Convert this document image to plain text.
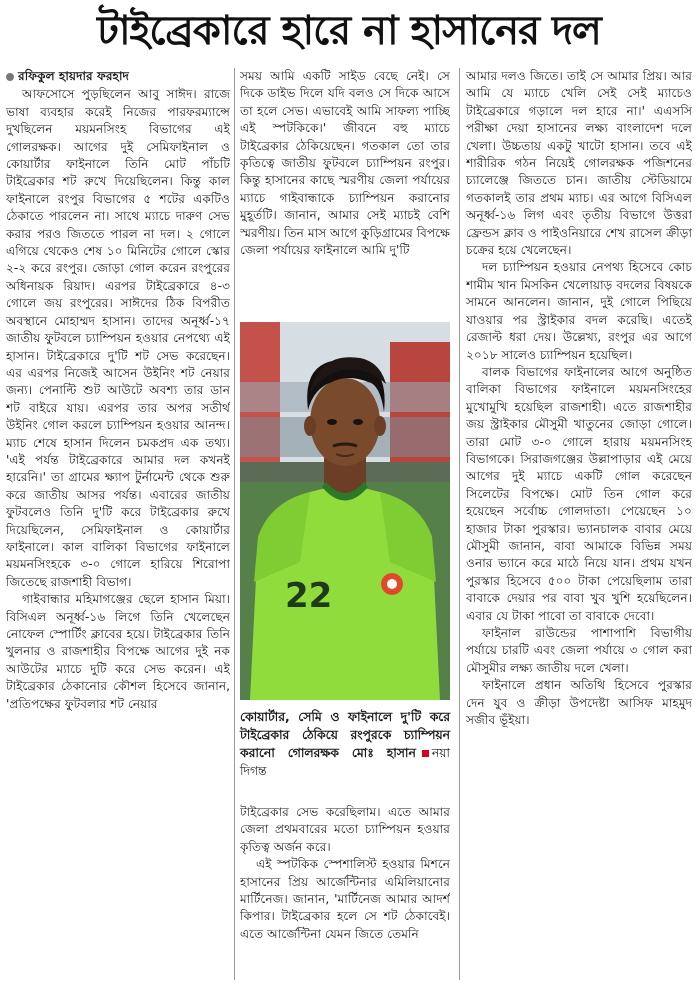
টাইব্রেকারে হারে না হাসানের দল

রফিকুল হায়দার ফরহাদ

আফসোসে পুড়ছিলেন আবু সাঈদ। রাজে ভাষা ব্যবহার করেই নিজের পারফরম্যান্সে দুখছিলেন ময়মনসিংহ বিভাগের এই গোলরক্ষক। আগের দুই সেমিফাইনাল ও কোয়ার্টার ফাইনালে তিনি মোট পাঁচটি টাইব্রেকার শট রুখে দিয়েছিলেন। কিন্তু কাল ফাইনালে রংপুর বিভাগের ৫ শটের একটিও ঠেকাতে পারলেন না। সাথে ম্যাচে দারুণ সেভ করার পরও জিততে পারল না দল। ২ গোলে এগিয়ে থেকেও শেষ ১০ মিনিটের গোলে স্কোর ২-২ করে রংপুর। জোড়া গোল করেন রংপুরের অধিনায়ক রিয়াদ। এরপর টাইব্রেকারে ৪-৩ গোলে জয় রংপুরের। সাঈদের ঠিক বিপরীত অবস্থানে মোহাম্মদ হাসান। তাদের অনূর্ধ্ব-১৭ জাতীয় ফুটবলে চ্যাম্পিয়ন হওয়ার নেপথ্যে এই হাসান। টাইব্রেকারে দু'টি শট সেভ করেছেন। এর এরপর নিজেই আসেন উইনিং শট নেয়ার জন্য। পেনাল্টি শুট আউটে অবশ্য তার ডান শট বাইরে যায়। এরপর তার অপর সতীর্থ উইনিং গোল করলে চ্যাম্পিয়ন হওয়ার আনন্দ। ম্যাচ শেষে হাসান দিলেন চমকপ্রদ এক তথ্য। 'এই পর্যন্ত টাইব্রেকারে আমার দল কখনই হারেনি।' তা গ্রামের ক্ষ্যাপ টুর্নামেন্ট থেকে শুরু করে জাতীয় আসর পর্যন্ত। এবারের জাতীয় ফুটবলেও তিনি দু'টি করে টাইব্রেকার রুখে দিয়েছিলেন, সেমিফাইনাল ও কোয়ার্টার ফাইনালে। কাল বালিকা বিভাগের ফাইনালে ময়মনসিংহকে ৩-০ গোলে হারিয়ে শিরোপা জিতেছে রাজশাহী বিভাগ।

গাইবান্ধার মহিমাগঞ্জের ছেলে হাসান মিয়া। বিসিএল অনূর্ধ্ব-১৬ লিগে তিনি খেলেছেন নোফেল স্পোর্টিং ক্লাবের হয়ে। টাইব্রেকার তিনি খুলনার ও রাজশাহীর বিপক্ষে আগের দুই নক আউটের ম্যাচে দুটি করে সেভ করেন। এই টাইব্রেকার ঠেকানোর কৌশল হিসেবে জানান, 'প্রতিপক্ষের ফুটবলার শট নেয়ার

সময় আমি একটি সাইড বেছে নেই। সে দিকে ডাইভ দিলে যদি বলও সে দিকে আসে তা হলে সেভ। এভাবেই আমি সাফল্য পাচ্ছি এই স্পটকিকে।' জীবনে বহু ম্যাচে টাইব্রেকার ঠেকিয়েছেন। গতকাল তো তার কৃতিত্বে জাতীয় ফুটবলে চ্যাম্পিয়ন রংপুর। কিন্তু হাসানের কাছে স্মরণীয় জেলা পর্যায়ের ম্যাচে গাইবান্ধাকে চ্যাম্পিয়ন করানোর মুহূর্তটি। জানান, আমার সেই ম্যাচই বেশি স্মরণীয়। তিন মাস আগে কুড়িগ্রামের বিপক্ষে জেলা পর্যায়ের ফাইনালে আমি দু'টি

22
কোয়ার্টার, সেমি ও ফাইনালে দু'টি করে টাইব্রেকার ঠেকিয়ে রংপুরকে চ্যাম্পিয়ন করানো গোলরক্ষক মোঃ হাসান নয়া দিগন্ত

টাইব্রেকার সেভ করেছিলাম। এতে আমার জেলা প্রথমবারের মতো চ্যাম্পিয়ন হওয়ার কৃতিত্ব অর্জন করে।

এই স্পটকিক স্পেশালিস্ট হওয়ার মিশনে হাসানের প্রিয় আর্জেন্টিনার এমিলিয়ানোর মার্টিনেজ। জানান, 'মার্টিনেজ আমার আদর্শ কিপার। টাইব্রেকার হলে সে শট ঠেকাবেই। এতে আর্জেন্টিনা যেমন জিতে তেমনি

আমার দলও জিতে। তাই সে আমার প্রিয়। আর আমি যে ম্যাচে খেলি সেই সেই ম্যাচেও টাইব্রেকারে গড়ালে দল হারে না।' এএসসি পরীক্ষা দেয়া হাসানের লক্ষ্য বাংলাদেশ দলে খেলা। উচ্চতায় একটু খাটো হাসান। তবে এই শারীরিক গঠন নিয়েই গোলরক্ষক পজিশনের চ্যালেঞ্জে জিততে চান। জাতীয় স্টেডিয়ামে গতকালই তার প্রথম ম্যাচ। এর আগে বিসিএল অনূর্ধ্ব-১৬ লিগ এবং তৃতীয় বিভাগে উত্তরা ফ্রেন্ডস ক্লাব ও পাইওনিয়ারে শেখ রাসেল ক্রীড়া চক্রের হয়ে খেলেছেন।

দল চ্যাম্পিয়ন হওয়ার নেপথ্য হিসেবে কোচ শামীম খান মিসকিন খেলোয়াড় বদলের বিষয়কে সামনে আনলেন। জানান, দুই গোলে পিছিয়ে যাওয়ার পর স্ট্রাইকার বদল করেছি। এতেই রেজাল্ট ধরা দেয়। উল্লেখ্য, রংপুর এর আগে ২০১৮ সালেও চ্যাম্পিয়ন হয়েছিল।

বালক বিভাগের ফাইনালের আগে অনুষ্ঠিত বালিকা বিভাগের ফাইনালে ময়মনসিংহের মুখোমুখি হয়েছিল রাজশাহী। এতে রাজশাহীর জয় স্ট্রাইকার মৌসুমী খাতুনের জোড়া গোলে। তারা মোট ৩-০ গোলে হারায় ময়মনসিংহ বিভাগকে। সিরাজগঞ্জের উল্লাপাড়ার এই মেয়ে আগের দুই ম্যাচে একটি গোল করেছেন সিলেটের বিপক্ষে। মোট তিন গোল করে হয়েছেন সর্বোচ্চ গোলদাতা। পেয়েছেন ১০ হাজার টাকা পুরস্কার। ভ্যানচালক বাবার মেয়ে মৌসুমী জানান, বাবা আমাকে বিভিন্ন সময় ওনার ভ্যানে করে মাঠে নিয়ে যান। প্রথম যখন পুরস্কার হিসেবে ৫০০ টাকা পেয়েছিলাম তারা বাবাকে দেয়ার পর বাবা খুব খুশি হয়েছিলেন। এবার যে টাকা পাবো তা বাবাকে দেবো।

ফাইনাল রাউন্ডের পাশাপাশি বিভাগীয় পর্যায়ে চারটি এবং জেলা পর্যায়ে ৩ গোল করা মৌসুমীর লক্ষ্য জাতীয় দলে খেলা।

ফাইনালে প্রধান অতিথি হিসেবে পুরস্কার দেন যুব ও ক্রীড়া উপদেষ্টা আসিফ মাহমুদ সজীব ভূঁইয়া।
